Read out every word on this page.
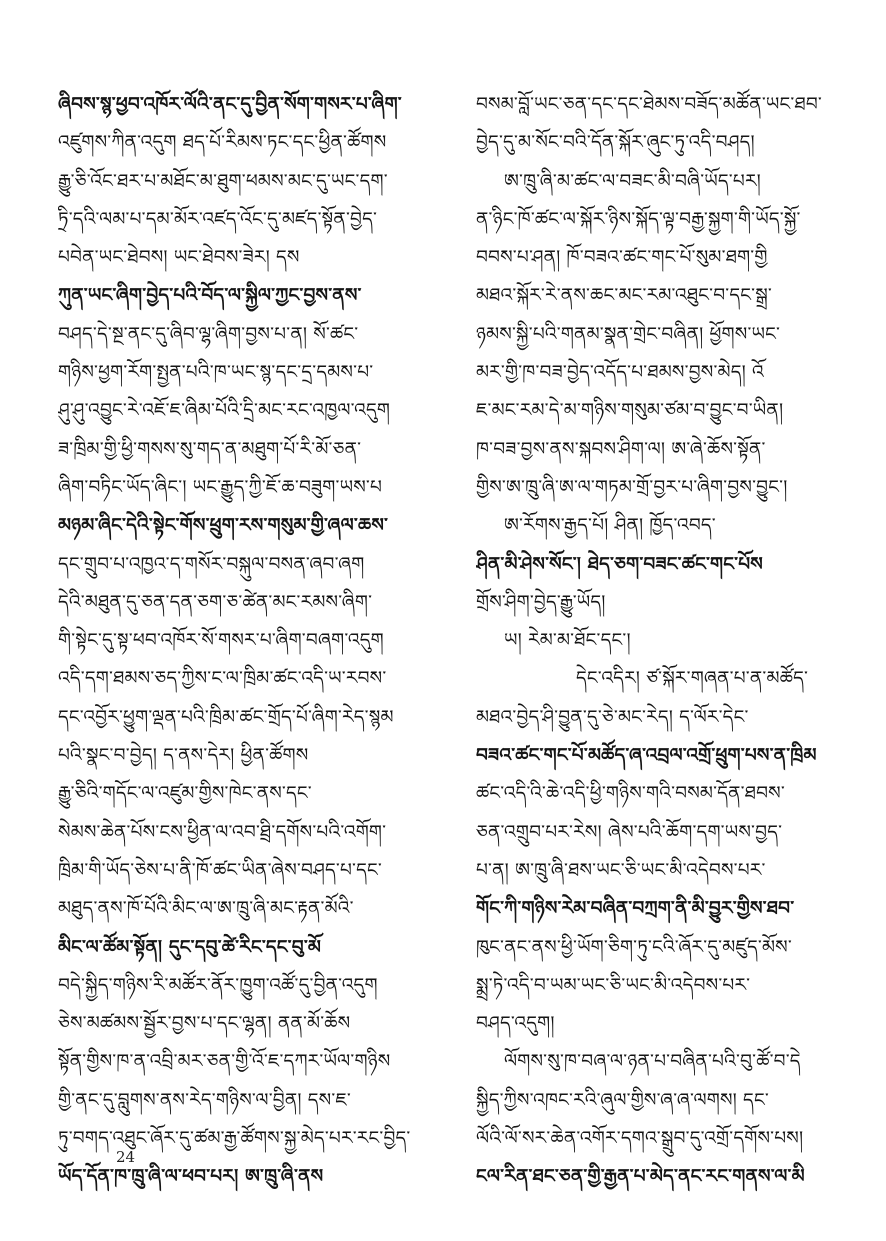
ཞིབས་སྙ་ཕྱབ་འཁོར་ལོའི་ནང་དུ་བྱིན་སོག་གསར་པ་ཞིག་
འཛུགས་ཀིན་འདུག ཐད་པོ་རིམས་ཏང་དང་ཕྱིན་ཚོགས
རྒྱུ་ཅི་འོང་ཐར་པ་མཐོང་མ་ཐུག་ཕམས་མང་དུ་ཡང་དག་
ཏྲི་དའི་ལམ་པ་དམ་མོར་འཛད་འོང་དུ་མཛད་སྟོན་བྱེད་
པབེན་ཡང་ཐེབས། ཡང་ཐེབས་ཟེར། དས
ཀུན་ཡང་ཞིག་བྱེད་པའི་བོད་ལ་སྐྱིལ་ཀྱང་བྱས་ནས་
བཤད་དེ་སྔ་ནང་དུ་ཞིབ་ལྷ་ཞིག་བྱས་པ་ན། སོ་ཚང་
གཉིས་ཕྱག་རོག་སྤྱན་པའི་ཁ་ཡང་སྙ་དང་དྲ་དམས་པ་
ཤུ་ཤུ་འབྱུང་རེ་འཇོ་ཇ་ཞིམ་པོའི་དྲི་མང་རང་འཁྱལ་འདུག
ཟ་ཁྲིམ་གྱི་ཕྱི་གསས་སུ་གད་ན་མཐུག་པོ་རི་མོ་ཅན་
ཞིག་བཏིང་ཡོད་ཞིང་། ཡང་རྒྱུད་ཀྱི་ཇོ་ཆ་བཟུག་ཡས་པ
མཉམ་ཞིང་དེའི་སྟེང་གོས་ཕྲུག་རས་གསུམ་གྱི་ཞལ་ཆས་
དང་གྲུབ་པ་འཁྱའ་ད་གསོར་བསྐུལ་བསན་ཞབ་ཞག
དེའི་མཐུན་དུ་ཅན་དན་ཅག་ཅ་ཚེན་མང་རམས་ཞིག་
གི་སྟེང་དུ་སྟ་ཕབ་འཁོར་སོ་གསར་པ་ཞིག་བཞག་འདུག
འདི་དག་ཐམས་ཅད་ཀྱིས་ང་ལ་ཁྲིམ་ཚང་འདི་ཡ་རབས་
དང་འབྱོར་ཕྱུག་ལྡན་པའི་ཁྲིམ་ཚང་གྲོད་པོ་ཞིག་རེད་སྙམ
པའི་སྣང་བ་བྱེད། ད་ནས་དེར། ཕྱིན་ཚོགས
རྒྱུ་ཅིའི་གདོང་ལ་འཛུམ་གྱིས་ཁེང་ནས་དང་
སེམས་ཆེན་པོས་ངས་ཕྱིན་ལ་འབ་ཐྲི་དགོས་པའི་འགོག་
ཁྲིམ་གི་ཡོད་ཅེས་པ་ནི་ཁོ་ཚང་ཡིན་ཞེས་བཤད་པ་དང་
མཐུད་ནས་ཁོ་པོའི་མིང་ལ་ཨ་ཁྲུ་ཞི་མང་རྟན་མོའི་
མིང་ལ་ཚོམ་སྟོན། དུང་དབུ་ཚེ་རིང་དང་བུ་མོ
བདེ་སྐྱིད་གཉིས་རི་མཚོར་ནོར་ཁྱུག་འཚོ་དུ་བྱིན་འདུག
ཅེས་མཚམས་སྦྱོར་བྱས་པ་དང་ལྷན། ནན་མོ་ཆོས
སྟོན་གྱིས་ཁ་ན་འབྲི་མར་ཅན་གྱི་འོ་ཇ་དཀར་ཡོལ་གཉིས
གྱི་ནང་དུ་བླུགས་ནས་རེད་གཉིས་ལ་བྱིན། དས་ཇ་
ཏུ་བགད་འཐུང་ཞོར་དུ་ཚམ་རྒྱ་ཚོགས་སྐྱ་མེད་པར་རང་བྱིད་
ཡོད་དོན་ཁ་ཁྲུ་ཞི་ལ་ཕབ་པར། ཨ་ཁྲུ་ཞི་ནས
བསམ་བློ་ཡང་ཅན་དང་དང་ཐེམས་བཟོད་མཚོན་ཡང་ཐབ་
བྱེད་དུ་མ་སོང་བའི་དོན་སྐོར་ཞུང་ཏུ་འདི་བཤད།
ཨ་ཁྲུ་ཞི་མ་ཚང་ལ་བཟང་མི་བཞི་ཡོད་པར།
ན་ཉིང་ཁོ་ཚང་ལ་སྐོར་ཉིས་སྐོད་ལྟ་བརྒྱ་སྐྱག་གི་ཡོད་སྐྱོ་
བབས་པ་ཤན། ཁོ་བཟའ་ཚང་གང་པོ་སུམ་ཐག་གྱི
མཐའ་སྐོར་རེ་ནས་ཆང་མང་རམ་འཐུང་བ་དང་སྒྲ་
ཉམས་སྐྱི་པའི་གནམ་སྣན་གྲེང་བཞིན། ཕྱོགས་ཡང་
མར་གྱི་ཁ་བཟ་བྱེད་འདོད་པ་ཐམས་བྱས་མེད། འོ
ཇ་མང་རམ་དེ་མ་གཉིས་གསུམ་ཙམ་བ་བྱུང་བ་ཡིན།
ཁ་བཟ་བྱས་ནས་སྐབས་ཤིག་ལ། ཨ་ཞེ་ཆོས་སྟོན་
གྱིས་ཨ་ཁྲུ་ཞི་ཨ་ལ་གཏམ་གྲོ་བྱར་པ་ཞིག་བྱས་བྱུང་།
ཨ་རོགས་རྒྱད་པོ། ཤིན། ཁྱོད་འབད་
ཤིན་མི་ཤེས་སོང་། ཐེད་ཅག་བཟང་ཚང་གང་པོས
གྲོས་ཤིག་བྱེད་རྒྱུ་ཡོད།
ཡ། རེམ་མ་ཐོང་དང་།
དེང་འདིར། ཙ་སྐོར་གཞན་པ་ན་མཚོད་
མཐའ་བྱེད་ཤི་བྱུན་དུ་ཅེ་མང་རེད། ད་ལོར་དེང་
བཟའ་ཚང་གང་པོ་མཚོད་ཞ་འབྲལ་འགྲོ་ཕྲུག་པས་ན་ཁྲིམ
ཚང་འདི་འི་ཆེ་འདི་ཕྱི་གཉིས་གའི་བསམ་དོན་ཐབས་
ཅན་འགྲུབ་པར་རེས། ཞེས་པའི་ཆོག་དག་ཡས་བྱད་
པ་ན། ཨ་ཁྲུ་ཞི་ཐས་ཡང་ཅི་ཡང་མི་འདེབས་པར་
གོང་ཀི་གཉིས་རེམ་བཞིན་བཀྲག་ནི་མི་བྱུར་གྱིས་ཐབ་
ཁུང་ནང་ནས་ཕྱི་ཡོག་ཅིག་ཏུ་ངའི་ཞོར་དུ་མཛུད་མོས་
སྨྲ་ཏེ་འདི་བ་ཡམ་ཡང་ཅི་ཡང་མི་འདེབས་པར་
བཤད་འདུག།
ལོགས་སུ་ཁ་བཞ་ལ་ཉན་པ་བཞིན་པའི་བུ་ཚོ་བ་དེ
སྐྱིད་ཀྱིས་འཁང་རའི་ཞུལ་གྱིས་ཞ་ཞ་ལགས། དང་
ལོའི་ལོ་སར་ཆེན་འགོར་དགའ་སྒྲུབ་དུ་འགྲོ་དགོས་པས།
ངལ་རིན་ཐང་ཅན་གྱི་རྒྱན་པ་མེད་ནང་རང་གནས་ལ་མི
24
